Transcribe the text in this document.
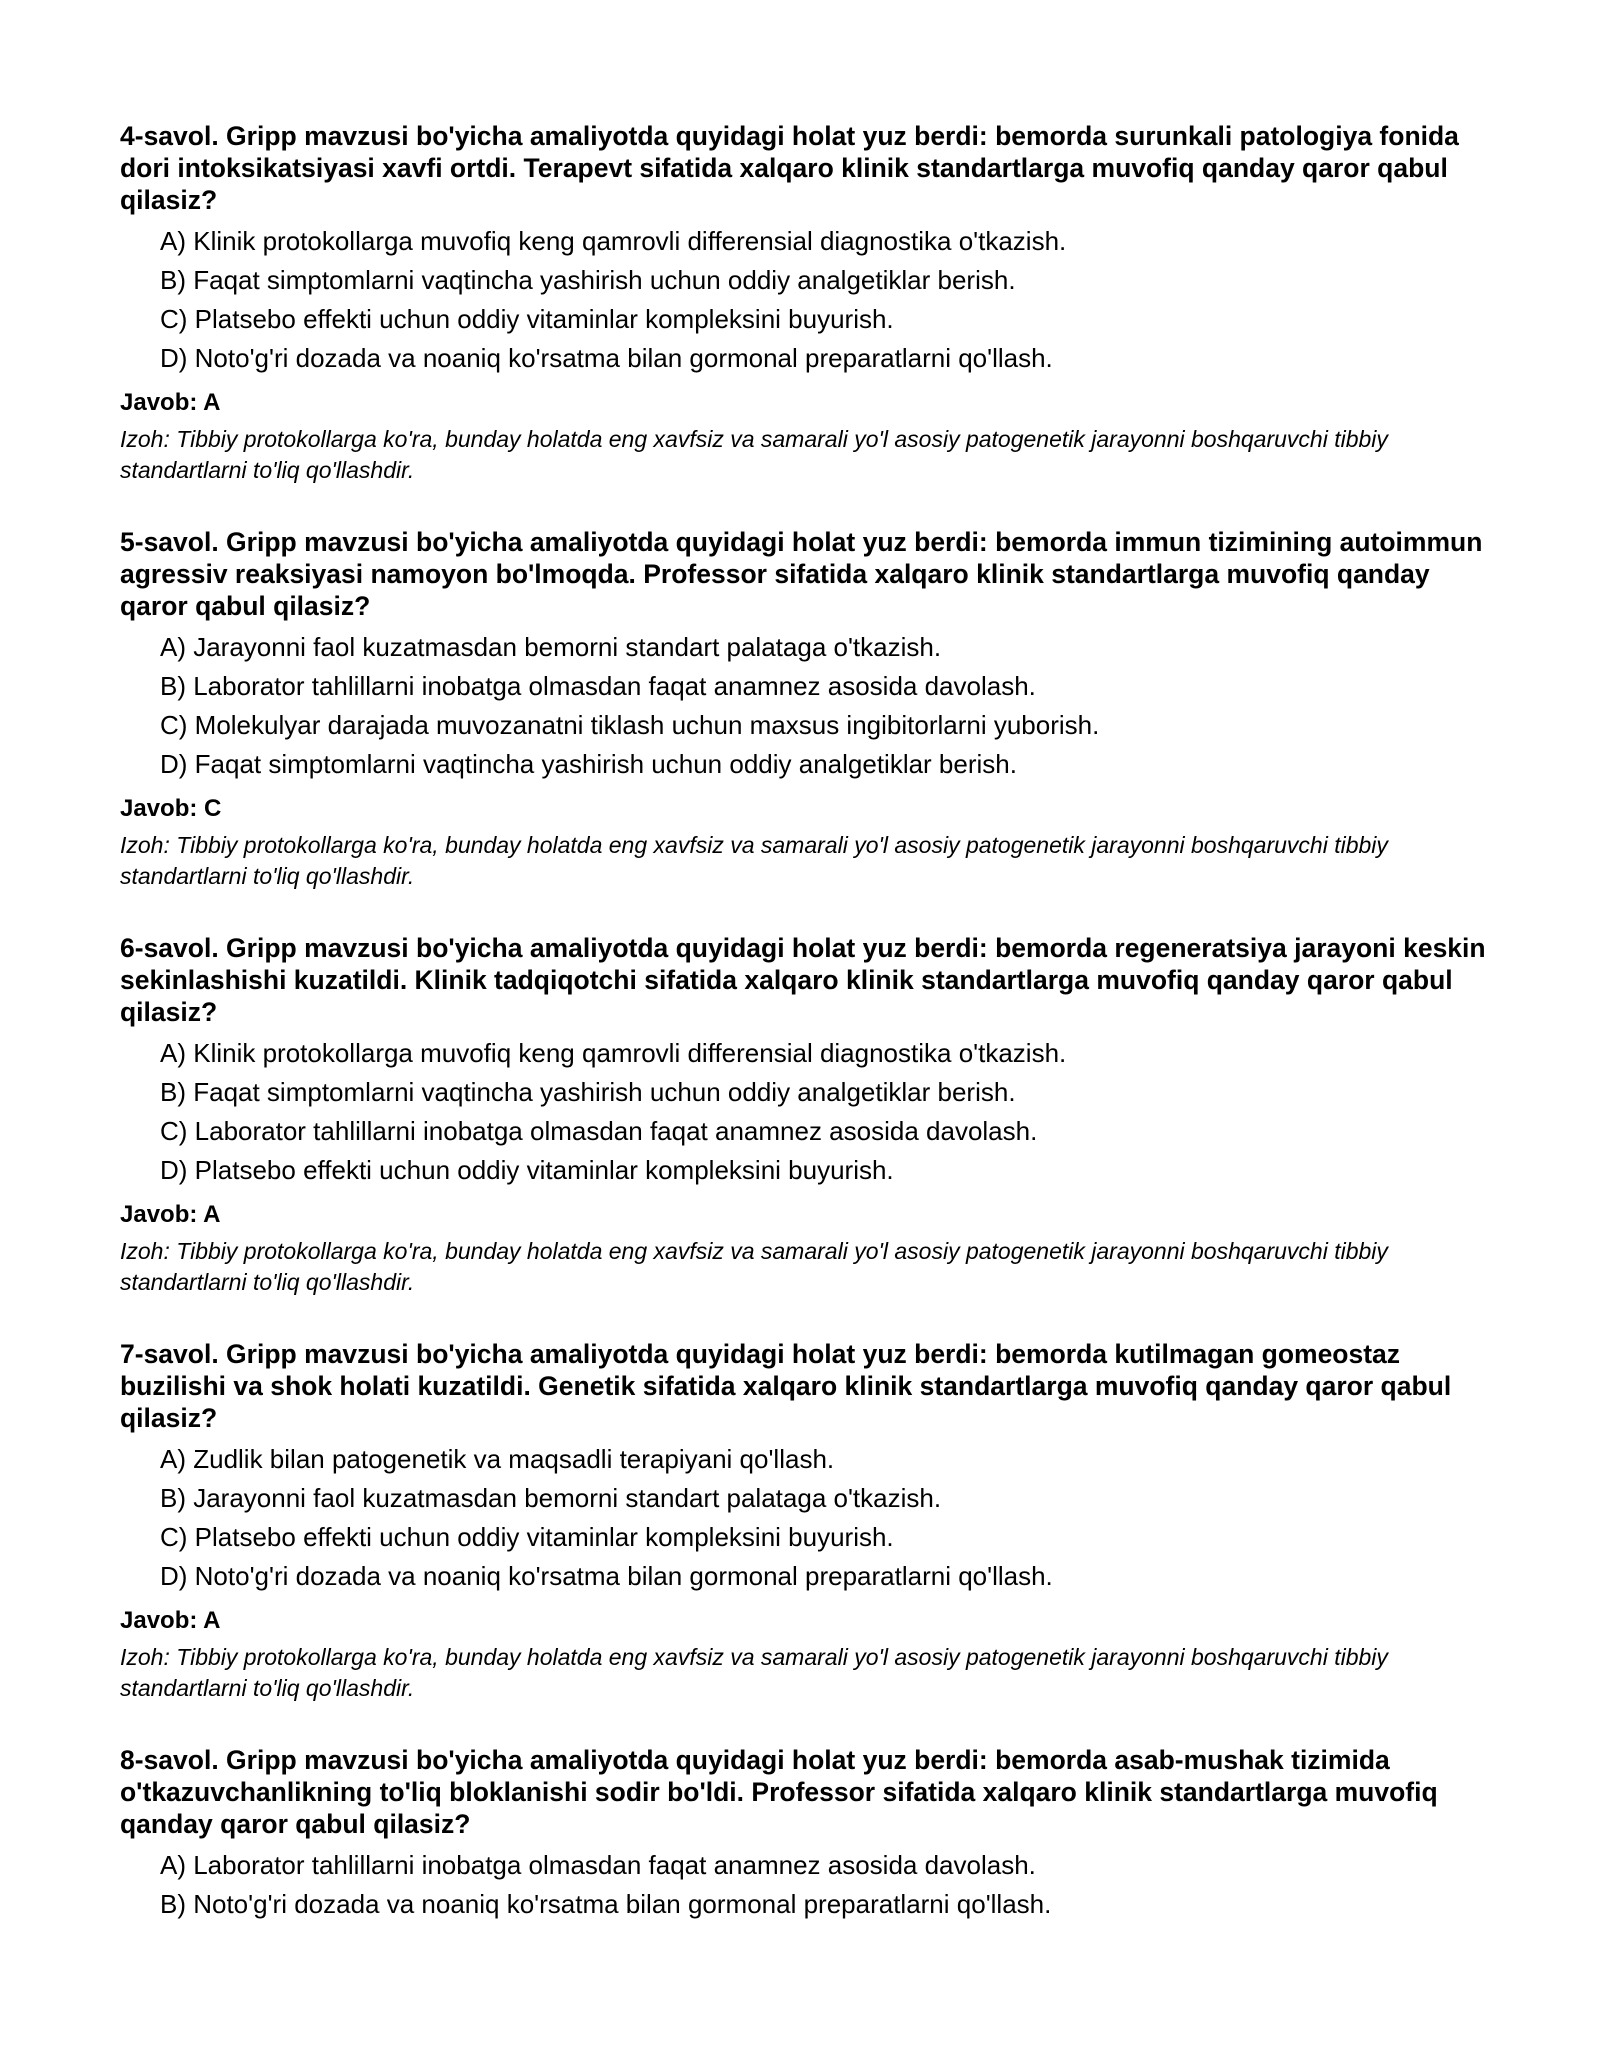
4-savol. Gripp mavzusi bo'yicha amaliyotda quyidagi holat yuz berdi: bemorda surunkali patologiya fonida dori intoksikatsiyasi xavfi ortdi. Terapevt sifatida xalqaro klinik standartlarga muvofiq qanday qaror qabul qilasiz?
A) Klinik protokollarga muvofiq keng qamrovli differensial diagnostika o'tkazish.
B) Faqat simptomlarni vaqtincha yashirish uchun oddiy analgetiklar berish.
C) Platsebo effekti uchun oddiy vitaminlar kompleksini buyurish.
D) Noto'g'ri dozada va noaniq ko'rsatma bilan gormonal preparatlarni qo'llash.
Javob: A
Izoh: Tibbiy protokollarga ko'ra, bunday holatda eng xavfsiz va samarali yo'l asosiy patogenetik jarayonni boshqaruvchi tibbiy standartlarni to'liq qo'llashdir.
5-savol. Gripp mavzusi bo'yicha amaliyotda quyidagi holat yuz berdi: bemorda immun tizimining autoimmun agressiv reaksiyasi namoyon bo'lmoqda. Professor sifatida xalqaro klinik standartlarga muvofiq qanday qaror qabul qilasiz?
A) Jarayonni faol kuzatmasdan bemorni standart palataga o'tkazish.
B) Laborator tahlillarni inobatga olmasdan faqat anamnez asosida davolash.
C) Molekulyar darajada muvozanatni tiklash uchun maxsus ingibitorlarni yuborish.
D) Faqat simptomlarni vaqtincha yashirish uchun oddiy analgetiklar berish.
Javob: C
Izoh: Tibbiy protokollarga ko'ra, bunday holatda eng xavfsiz va samarali yo'l asosiy patogenetik jarayonni boshqaruvchi tibbiy standartlarni to'liq qo'llashdir.
6-savol. Gripp mavzusi bo'yicha amaliyotda quyidagi holat yuz berdi: bemorda regeneratsiya jarayoni keskin sekinlashishi kuzatildi. Klinik tadqiqotchi sifatida xalqaro klinik standartlarga muvofiq qanday qaror qabul qilasiz?
A) Klinik protokollarga muvofiq keng qamrovli differensial diagnostika o'tkazish.
B) Faqat simptomlarni vaqtincha yashirish uchun oddiy analgetiklar berish.
C) Laborator tahlillarni inobatga olmasdan faqat anamnez asosida davolash.
D) Platsebo effekti uchun oddiy vitaminlar kompleksini buyurish.
Javob: A
Izoh: Tibbiy protokollarga ko'ra, bunday holatda eng xavfsiz va samarali yo'l asosiy patogenetik jarayonni boshqaruvchi tibbiy standartlarni to'liq qo'llashdir.
7-savol. Gripp mavzusi bo'yicha amaliyotda quyidagi holat yuz berdi: bemorda kutilmagan gomeostaz buzilishi va shok holati kuzatildi. Genetik sifatida xalqaro klinik standartlarga muvofiq qanday qaror qabul qilasiz?
A) Zudlik bilan patogenetik va maqsadli terapiyani qo'llash.
B) Jarayonni faol kuzatmasdan bemorni standart palataga o'tkazish.
C) Platsebo effekti uchun oddiy vitaminlar kompleksini buyurish.
D) Noto'g'ri dozada va noaniq ko'rsatma bilan gormonal preparatlarni qo'llash.
Javob: A
Izoh: Tibbiy protokollarga ko'ra, bunday holatda eng xavfsiz va samarali yo'l asosiy patogenetik jarayonni boshqaruvchi tibbiy standartlarni to'liq qo'llashdir.
8-savol. Gripp mavzusi bo'yicha amaliyotda quyidagi holat yuz berdi: bemorda asab-mushak tizimida o'tkazuvchanlikning to'liq bloklanishi sodir bo'ldi. Professor sifatida xalqaro klinik standartlarga muvofiq qanday qaror qabul qilasiz?
A) Laborator tahlillarni inobatga olmasdan faqat anamnez asosida davolash.
B) Noto'g'ri dozada va noaniq ko'rsatma bilan gormonal preparatlarni qo'llash.
